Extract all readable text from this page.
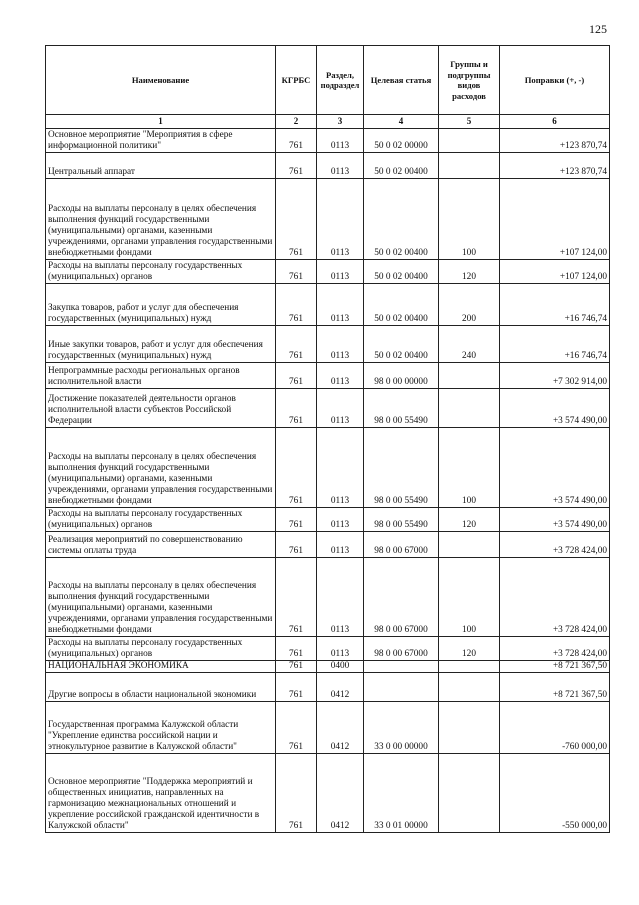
125
Наименование	КГРБС	Раздел, подраздел	Целевая статья	Группы и подгруппы видов расходов	Поправки (+, -)
1	2	3	4	5	6
Основное мероприятие "Мероприятия в сфере информационной политики"	761	0113	50 0 02 00000		+123 870,74
Центральный аппарат	761	0113	50 0 02 00400		+123 870,74
Расходы на выплаты персоналу в целях обеспечения выполнения функций государственными (муниципальными) органами, казенными учреждениями, органами управления государственными внебюджетными фондами	761	0113	50 0 02 00400	100	+107 124,00
Расходы на выплаты персоналу государственных (муниципальных) органов	761	0113	50 0 02 00400	120	+107 124,00
Закупка товаров, работ и услуг для обеспечения государственных (муниципальных) нужд	761	0113	50 0 02 00400	200	+16 746,74
Иные закупки товаров, работ и услуг для обеспечения государственных (муниципальных) нужд	761	0113	50 0 02 00400	240	+16 746,74
Непрограммные расходы региональных органов исполнительной власти	761	0113	98 0 00 00000		+7 302 914,00
Достижение показателей деятельности органов исполнительной власти субъектов Российской Федерации	761	0113	98 0 00 55490		+3 574 490,00
Расходы на выплаты персоналу в целях обеспечения выполнения функций государственными (муниципальными) органами, казенными учреждениями, органами управления государственными внебюджетными фондами	761	0113	98 0 00 55490	100	+3 574 490,00
Расходы на выплаты персоналу государственных (муниципальных) органов	761	0113	98 0 00 55490	120	+3 574 490,00
Реализация мероприятий по совершенствованию системы оплаты труда	761	0113	98 0 00 67000		+3 728 424,00
Расходы на выплаты персоналу в целях обеспечения выполнения функций государственными (муниципальными) органами, казенными учреждениями, органами управления государственными внебюджетными фондами	761	0113	98 0 00 67000	100	+3 728 424,00
Расходы на выплаты персоналу государственных (муниципальных) органов	761	0113	98 0 00 67000	120	+3 728 424,00
НАЦИОНАЛЬНАЯ ЭКОНОМИКА	761	0400			+8 721 367,50
Другие вопросы в области национальной экономики	761	0412			+8 721 367,50
Государственная программа Калужской области "Укрепление единства российской нации и этнокультурное развитие в Калужской области"	761	0412	33 0 00 00000		-760 000,00
Основное мероприятие "Поддержка мероприятий и общественных инициатив, направленных на гармонизацию межнациональных отношений и укрепление российской гражданской идентичности в Калужской области"	761	0412	33 0 01 00000		-550 000,00
